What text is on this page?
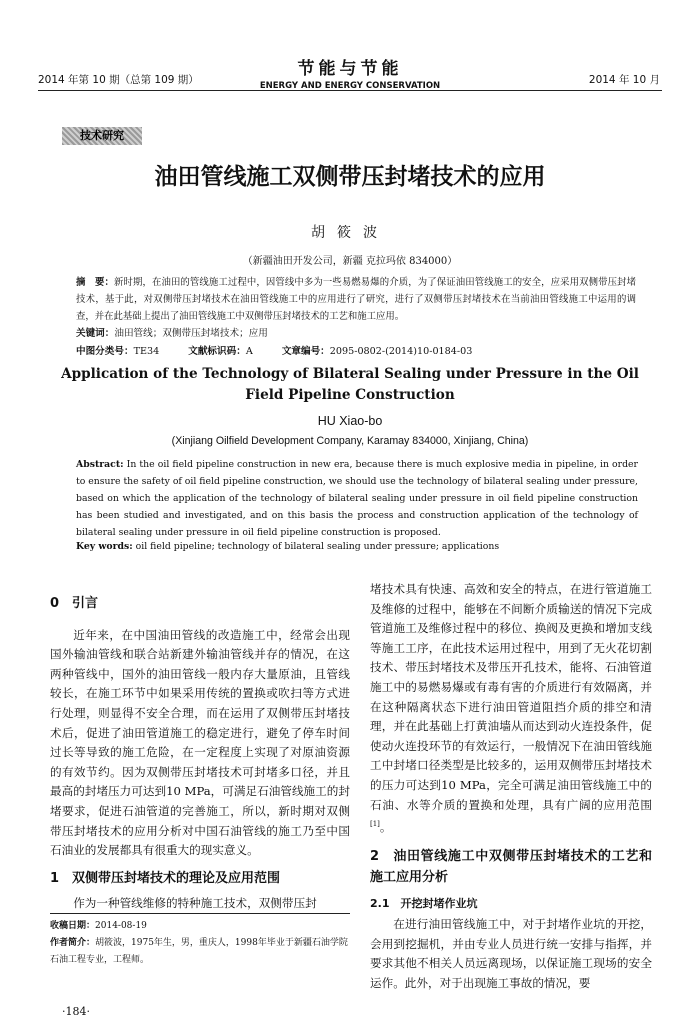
2014 年第 10 期（总第 109 期）
节能与节能
ENERGY AND ENERGY CONSERVATION	2014 年 10 月
技术研究
油田管线施工双侧带压封堵技术的应用
胡筱波
（新疆油田开发公司，新疆 克拉玛依 834000）
摘　要：新时期，在油田的管线施工过程中，因管线中多为一些易燃易爆的介质，为了保证油田管线施工的安全，应采用双侧带压封堵技术，基于此，对双侧带压封堵技术在油田管线施工中的应用进行了研究，进行了双侧带压封堵技术在当前油田管线施工中运用的调查，并在此基础上提出了油田管线施工中双侧带压封堵技术的工艺和施工应用。
关键词：油田管线；双侧带压封堵技术；应用
中图分类号：TE34	文献标识码：A	文章编号：2095-0802-(2014)10-0184-03
Application of the Technology of Bilateral Sealing under Pressure in the Oil Field Pipeline Construction
HU Xiao-bo
(Xinjiang Oilfield Development Company, Karamay 834000, Xinjiang, China)
Abstract: In the oil field pipeline construction in new era, because there is much explosive media in pipeline, in order to ensure the safety of oil field pipeline construction, we should use the technology of bilateral sealing under pressure, based on which the application of the technology of bilateral sealing under pressure in oil field pipeline construction has been studied and investigated, and on this basis the process and construction application of the technology of bilateral sealing under pressure in oil field pipeline construction is proposed.
Key words: oil field pipeline; technology of bilateral sealing under pressure; applications
0　引言

近年来，在中国油田管线的改造施工中，经常会出现国外输油管线和联合站新建外输油管线并存的情况，在这两种管线中，国外的油田管线一般内存大量原油，且管线较长，在施工环节中如果采用传统的置换或吹扫等方式进行处理，则显得不安全合理，而在运用了双侧带压封堵技术后，促进了油田管道施工的稳定进行，避免了停车时间过长等导致的施工危险，在一定程度上实现了对原油资源的有效节约。因为双侧带压封堵技术可封堵多口径，并且最高的封堵压力可达到10 MPa，可满足石油管线施工的封堵要求，促进石油管道的完善施工，所以，新时期对双侧带压封堵技术的应用分析对中国石油管线的施工乃至中国石油业的发展都具有很重大的现实意义。

1　双侧带压封堵技术的理论及应用范围

作为一种管线维修的特种施工技术，双侧带压封

收稿日期：2014-08-19
作者简介：胡筱波，1975年生，男，重庆人，1998年毕业于新疆石油学院石油工程专业，工程师。
·184·

堵技术具有快速、高效和安全的特点，在进行管道施工及维修的过程中，能够在不间断介质输送的情况下完成管道施工及维修过程中的移位、换阀及更换和增加支线等施工工序，在此技术运用过程中，用到了无火花切割技术、带压封堵技术及带压开孔技术，能将、石油管道施工中的易燃易爆或有毒有害的介质进行有效隔离，并在这种隔离状态下进行油田管道阻挡介质的排空和清理，并在此基础上打黄油墙从而达到动火连投条件，促使动火连投环节的有效运行，一般情况下在油田管线施工中封堵口径类型是比较多的，运用双侧带压封堵技术的压力可达到10 MPa，完全可满足油田管线施工中的石油、水等介质的置换和处理，具有广阔的应用范围[1]。

2　油田管线施工中双侧带压封堵技术的工艺和施工应用分析
2.1　开挖封堵作业坑

在进行油田管线施工中，对于封堵作业坑的开挖，会用到挖掘机，并由专业人员进行统一安排与指挥，并要求其他不相关人员远离现场，以保证施工现场的安全运作。此外，对于出现施工事故的情况，要
